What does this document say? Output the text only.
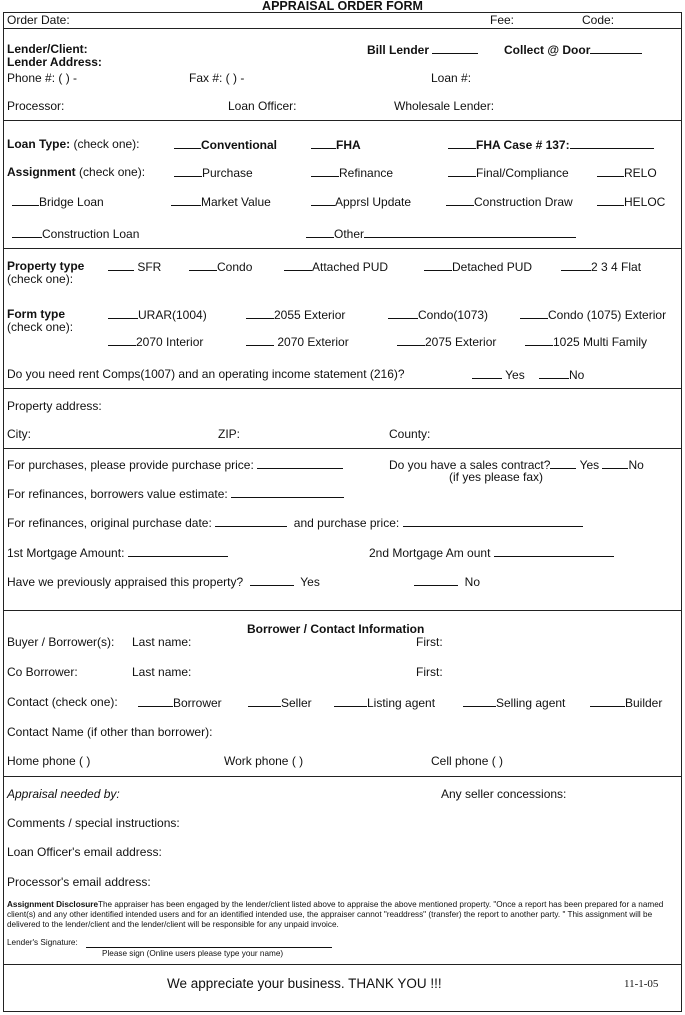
APPRAISAL ORDER FORM
Order Date:	Fee:	Code:
Lender/Client:
Lender Address:
Bill Lender	Collect @ Door
Phone #: ( ) -	Fax #: ( ) -	Loan #:
Processor:	Loan Officer:	Wholesale Lender:
Loan Type: (check one):	Conventional	FHA	FHA Case # 137:
Assignment (check one):	Purchase	Refinance	Final/Compliance	RELO
Bridge Loan	Market Value	Apprsl Update	Construction Draw	HELOC
Construction Loan	Other
Property type
(check one):
SFR	Condo	Attached PUD	Detached PUD	2 3 4 Flat
Form type
(check one):
URAR(1004)	2055 Exterior	Condo(1073)	Condo (1075) Exterior
2070 Interior	2070 Exterior	2075 Exterior	1025 Multi Family
Do you need rent Comps(1007) and an operating income statement (216)?	Yes	No
Property address:
City:	ZIP:	County:
For purchases, please provide purchase price:	Do you have a sales contract? Yes No
(if yes please fax)
For refinances, borrowers value estimate:
For refinances, original purchase date:	and purchase price:
1st Mortgage Amount:	2nd Mortgage Am ount
Have we previously appraised this property?	Yes	No
Borrower / Contact Information
Buyer / Borrower(s): Last name:	First:
Co Borrower:	Last name:	First:
Contact (check one):	Borrower	Seller	Listing agent	Selling agent	Builder
Contact Name (if other than borrower):
Home phone ( )	Work phone ( )	Cell phone ( )
Appraisal needed by:	Any seller concessions:
Comments / special instructions:
Loan Officer's email address:
Processor's email address:
Assignment DisclosureThe appraiser has been engaged by the lender/client listed above to appraise the above mentioned property. "Once a report has been prepared for a named client(s) and any other identified intended users and for an identified intended use, the appraiser cannot "readdress" (transfer) the report to another party. " This assignment will be delivered to the lender/client and the lender/client will be responsible for any unpaid invoice.
Lender's Signature:
Please sign (Online users please type your name)
We appreciate your business. THANK YOU !!!	11-1-05
